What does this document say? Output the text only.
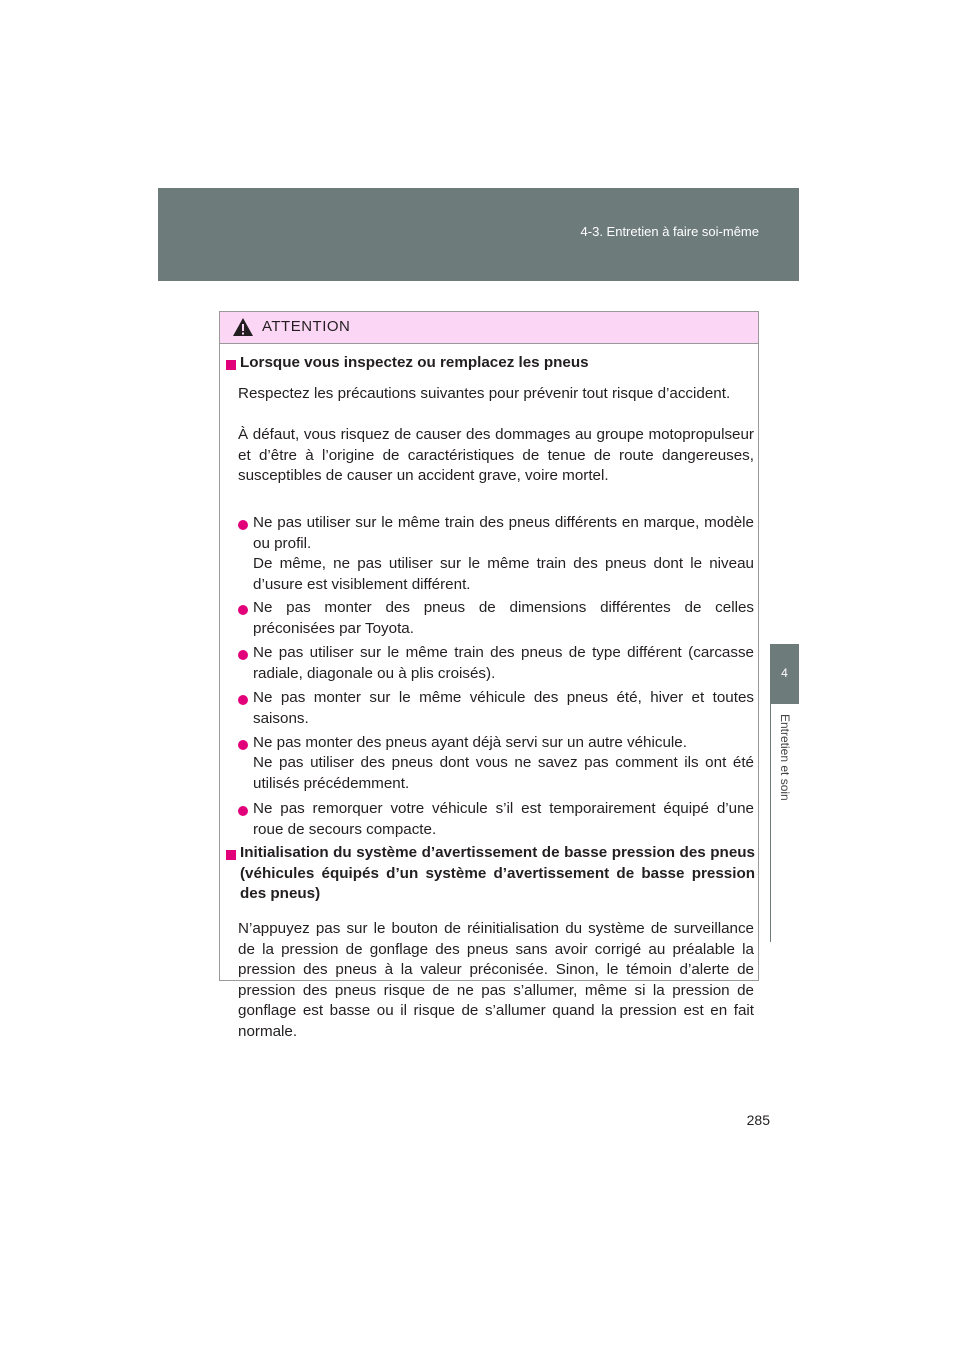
4-3. Entretien à faire soi-même
4
Entretien et soin
ATTENTION
Lorsque vous inspectez ou remplacez les pneus
Respectez les précautions suivantes pour prévenir tout risque d’accident.
À défaut, vous risquez de causer des dommages au groupe motopropulseur et d’être à l’origine de caractéristiques de tenue de route dangereuses, susceptibles de causer un accident grave, voire mortel.
Ne pas utiliser sur le même train des pneus différents en marque, modèle ou profil.
De même, ne pas utiliser sur le même train des pneus dont le niveau d’usure est visiblement différent.
Ne pas monter des pneus de dimensions différentes de celles préconisées par Toyota.
Ne pas utiliser sur le même train des pneus de type différent (carcasse radiale, diagonale ou à plis croisés).
Ne pas monter sur le même véhicule des pneus été, hiver et toutes saisons.
Ne pas monter des pneus ayant déjà servi sur un autre véhicule.
Ne pas utiliser des pneus dont vous ne savez pas comment ils ont été utilisés précédemment.
Ne pas remorquer votre véhicule s’il est temporairement équipé d’une roue de secours compacte.
Initialisation du système d’avertissement de basse pression des pneus (véhicules équipés d’un système d’avertissement de basse pression des pneus)
N’appuyez pas sur le bouton de réinitialisation du système de surveillance de la pression de gonflage des pneus sans avoir corrigé au préalable la pression des pneus à la valeur préconisée. Sinon, le témoin d’alerte de pression des pneus risque de ne pas s’allumer, même si la pression de gonflage est basse ou il risque de s’allumer quand la pression est en fait normale.
285
